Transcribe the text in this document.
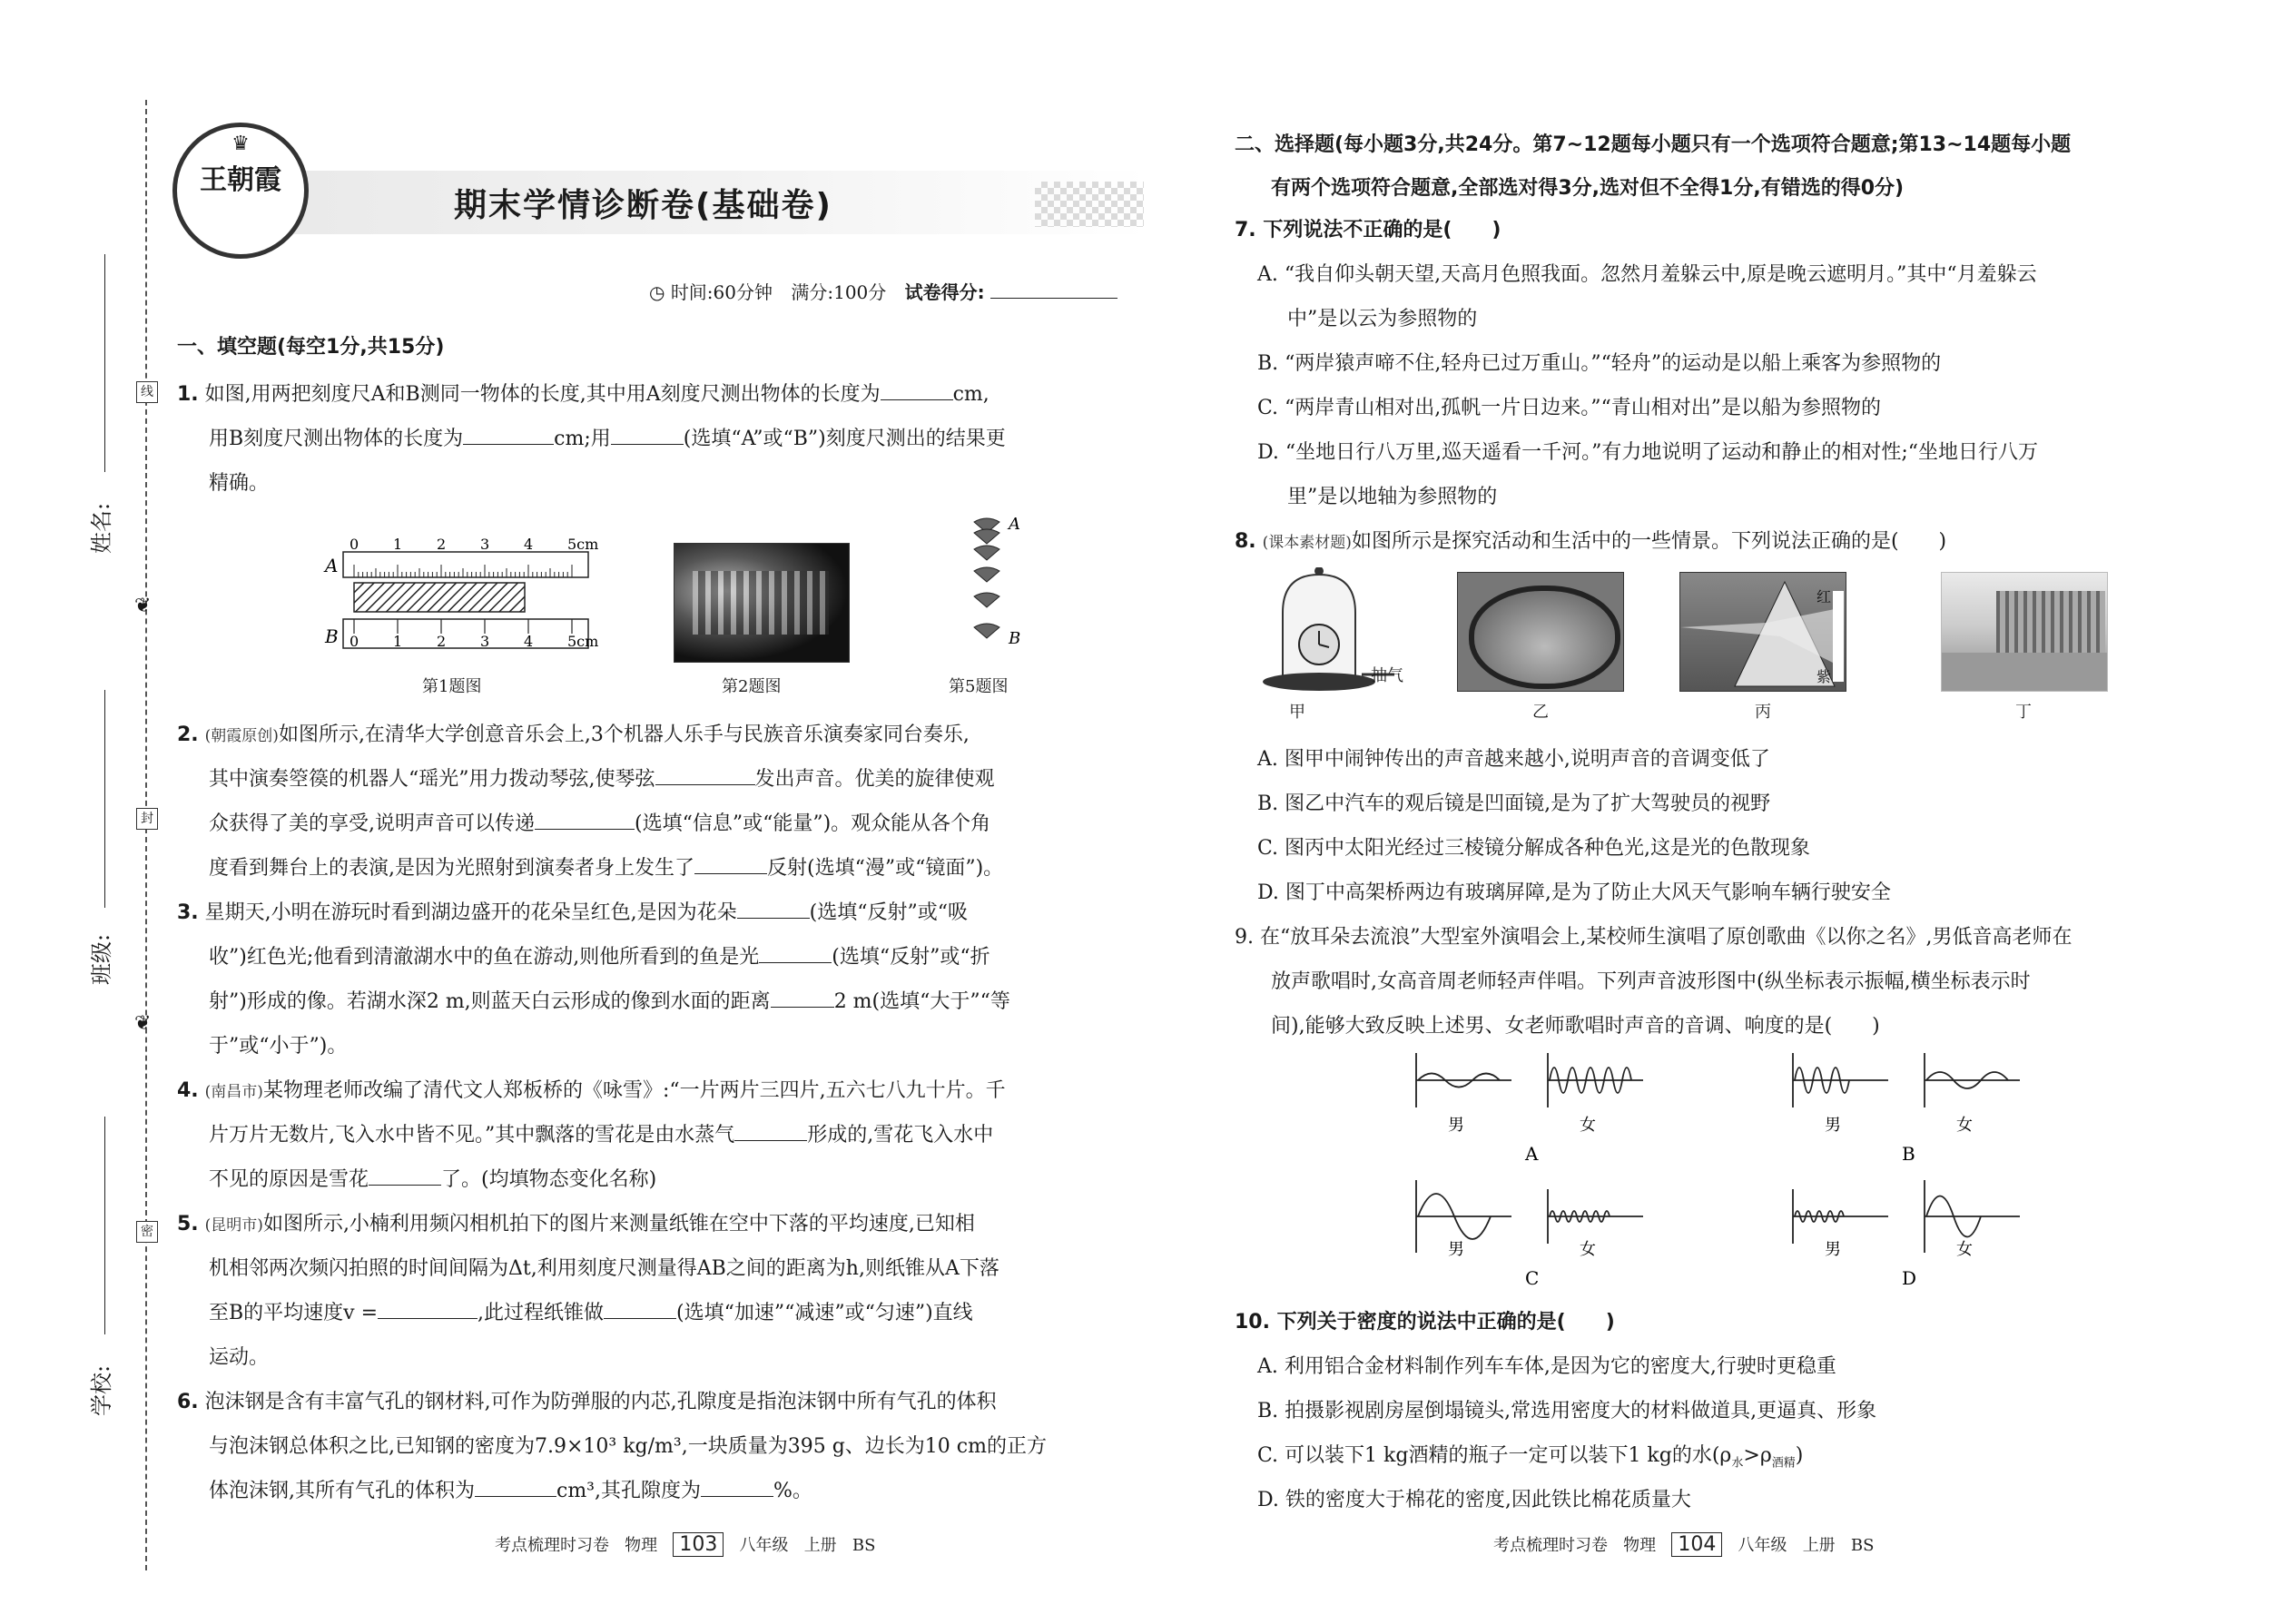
线
封
密
❦
❦
姓名:
班级:
学校:
♛
王朝霞
期末学情诊断卷(基础卷)
◷ 时间:60分钟 满分:100分 试卷得分:
一、填空题(每空1分,共15分)
1. 如图,用两把刻度尺A和B测同一物体的长度,其中用A刻度尺测出物体的长度为	cm,
用B刻度尺测出物体的长度为	cm;用	(选填“A”或“B”)刻度尺测出的结果更
精确。
A
B
0 1 2 3 4 5cm
0 1 2 3 4 5cm
第1题图	第2题图
A
B
第5题图
2. (朝霞原创)如图所示,在清华大学创意音乐会上,3个机器人乐手与民族音乐演奏家同台奏乐,
其中演奏箜篌的机器人“瑶光”用力拨动琴弦,使琴弦	发出声音。优美的旋律使观
众获得了美的享受,说明声音可以传递	(选填“信息”或“能量”)。观众能从各个角
度看到舞台上的表演,是因为光照射到演奏者身上发生了	反射(选填“漫”或“镜面”)。
3. 星期天,小明在游玩时看到湖边盛开的花朵呈红色,是因为花朵	(选填“反射”或“吸
收”)红色光;他看到清澈湖水中的鱼在游动,则他所看到的鱼是光	(选填“反射”或“折
射”)形成的像。若湖水深2 m,则蓝天白云形成的像到水面的距离	2 m(选填“大于”“等
于”或“小于”)。
4. (南昌市)某物理老师改编了清代文人郑板桥的《咏雪》:“一片两片三四片,五六七八九十片。千
片万片无数片,飞入水中皆不见。”其中飘落的雪花是由水蒸气	形成的,雪花飞入水中
不见的原因是雪花	了。(均填物态变化名称)
5. (昆明市)如图所示,小楠利用频闪相机拍下的图片来测量纸锥在空中下落的平均速度,已知相
机相邻两次频闪拍照的时间间隔为Δt,利用刻度尺测量得AB之间的距离为h,则纸锥从A下落
至B的平均速度v =	,此过程纸锥做	(选填“加速”“减速”或“匀速”)直线
运动。
6. 泡沫钢是含有丰富气孔的钢材料,可作为防弹服的内芯,孔隙度是指泡沫钢中所有气孔的体积
与泡沫钢总体积之比,已知钢的密度为7.9×10³ kg/m³,一块质量为395 g、边长为10 cm的正方
体泡沫钢,其所有气孔的体积为	cm³,其孔隙度为	%。
考点梳理时习卷 物理 103 八年级 上册 BS
二、选择题(每小题3分,共24分。第7~12题每小题只有一个选项符合题意;第13~14题每小题
有两个选项符合题意,全部选对得3分,选对但不全得1分,有错选的得0分)
7. 下列说法不正确的是(　　)
A. “我自仰头朝天望,天高月色照我面。忽然月羞躲云中,原是晚云遮明月。”其中“月羞躲云
中”是以云为参照物的
B. “两岸猿声啼不住,轻舟已过万重山。”“轻舟”的运动是以船上乘客为参照物的
C. “两岸青山相对出,孤帆一片日边来。”“青山相对出”是以船为参照物的
D. “坐地日行八万里,巡天遥看一千河。”有力地说明了运动和静止的相对性;“坐地日行八万
里”是以地轴为参照物的
8. (课本素材题)如图所示是探究活动和生活中的一些情景。下列说法正确的是(　　)
抽气
红
紫
甲	乙	丙	丁
A. 图甲中闹钟传出的声音越来越小,说明声音的音调变低了
B. 图乙中汽车的观后镜是凹面镜,是为了扩大驾驶员的视野
C. 图丙中太阳光经过三棱镜分解成各种色光,这是光的色散现象
D. 图丁中高架桥两边有玻璃屏障,是为了防止大风天气影响车辆行驶安全
9. 在“放耳朵去流浪”大型室外演唱会上,某校师生演唱了原创歌曲《以你之名》,男低音高老师在
放声歌唱时,女高音周老师轻声伴唱。下列声音波形图中(纵坐标表示振幅,横坐标表示时
间),能够大致反映上述男、女老师歌唱时声音的音调、响度的是(　　)
男	女
A
男	女
B
男	女
C
男	女
D
10. 下列关于密度的说法中正确的是(　　)
A. 利用铝合金材料制作列车车体,是因为它的密度大,行驶时更稳重
B. 拍摄影视剧房屋倒塌镜头,常选用密度大的材料做道具,更逼真、形象
C. 可以装下1 kg酒精的瓶子一定可以装下1 kg的水$(\rho_水>\rho_{酒精})$
D. 铁的密度大于棉花的密度,因此铁比棉花质量大
考点梳理时习卷 物理 104 八年级 上册 BS
